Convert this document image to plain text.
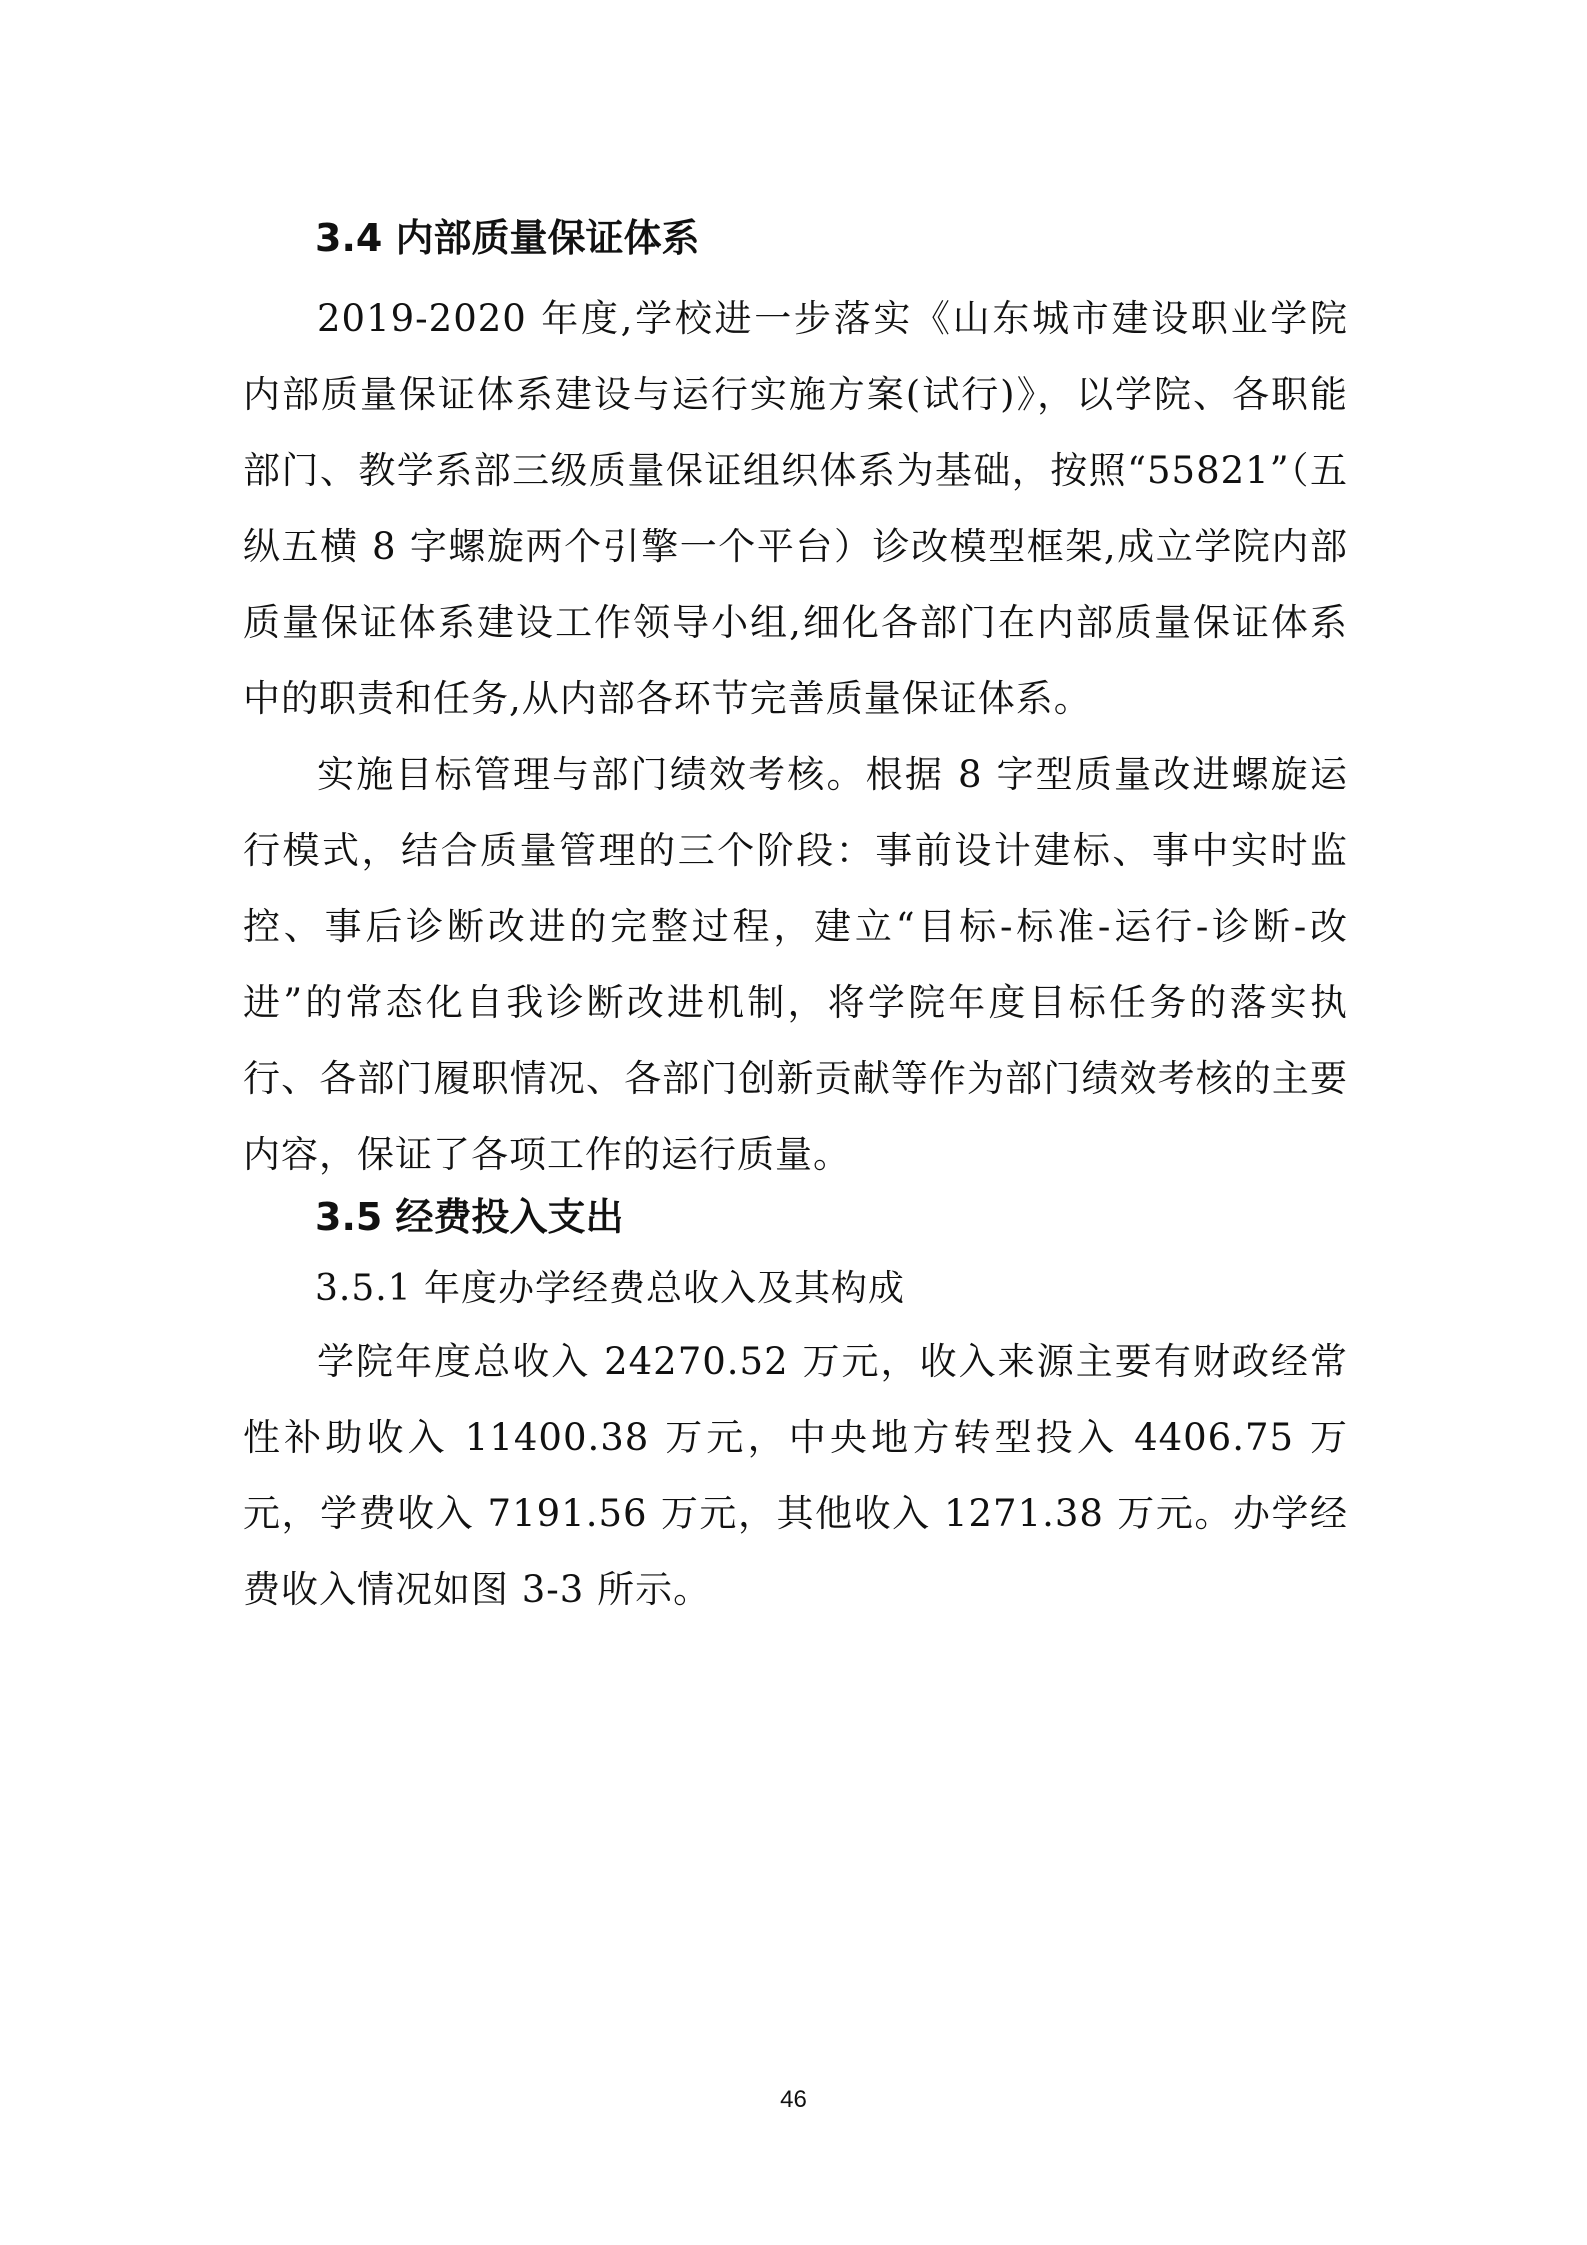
3.4 内部质量保证体系

2019-2020 年度,学校进一步落实《山东城市建设职业学院内部质量保证体系建设与运行实施方案(试行)》，以学院、各职能部门、教学系部三级质量保证组织体系为基础，按照“55821”（五纵五横 8 字螺旋两个引擎一个平台）诊改模型框架,成立学院内部质量保证体系建设工作领导小组,细化各部门在内部质量保证体系中的职责和任务,从内部各环节完善质量保证体系。

实施目标管理与部门绩效考核。根据 8 字型质量改进螺旋运行模式，结合质量管理的三个阶段：事前设计建标、事中实时监控、事后诊断改进的完整过程，建立“目标-标准-运行-诊断-改进”的常态化自我诊断改进机制，将学院年度目标任务的落实执行、各部门履职情况、各部门创新贡献等作为部门绩效考核的主要内容，保证了各项工作的运行质量。

3.5 经费投入支出
3.5.1 年度办学经费总收入及其构成

学院年度总收入 24270.52 万元，收入来源主要有财政经常性补助收入 11400.38 万元，中央地方转型投入 4406.75 万元，学费收入 7191.56 万元，其他收入 1271.38 万元。办学经费收入情况如图 3-3 所示。

46
